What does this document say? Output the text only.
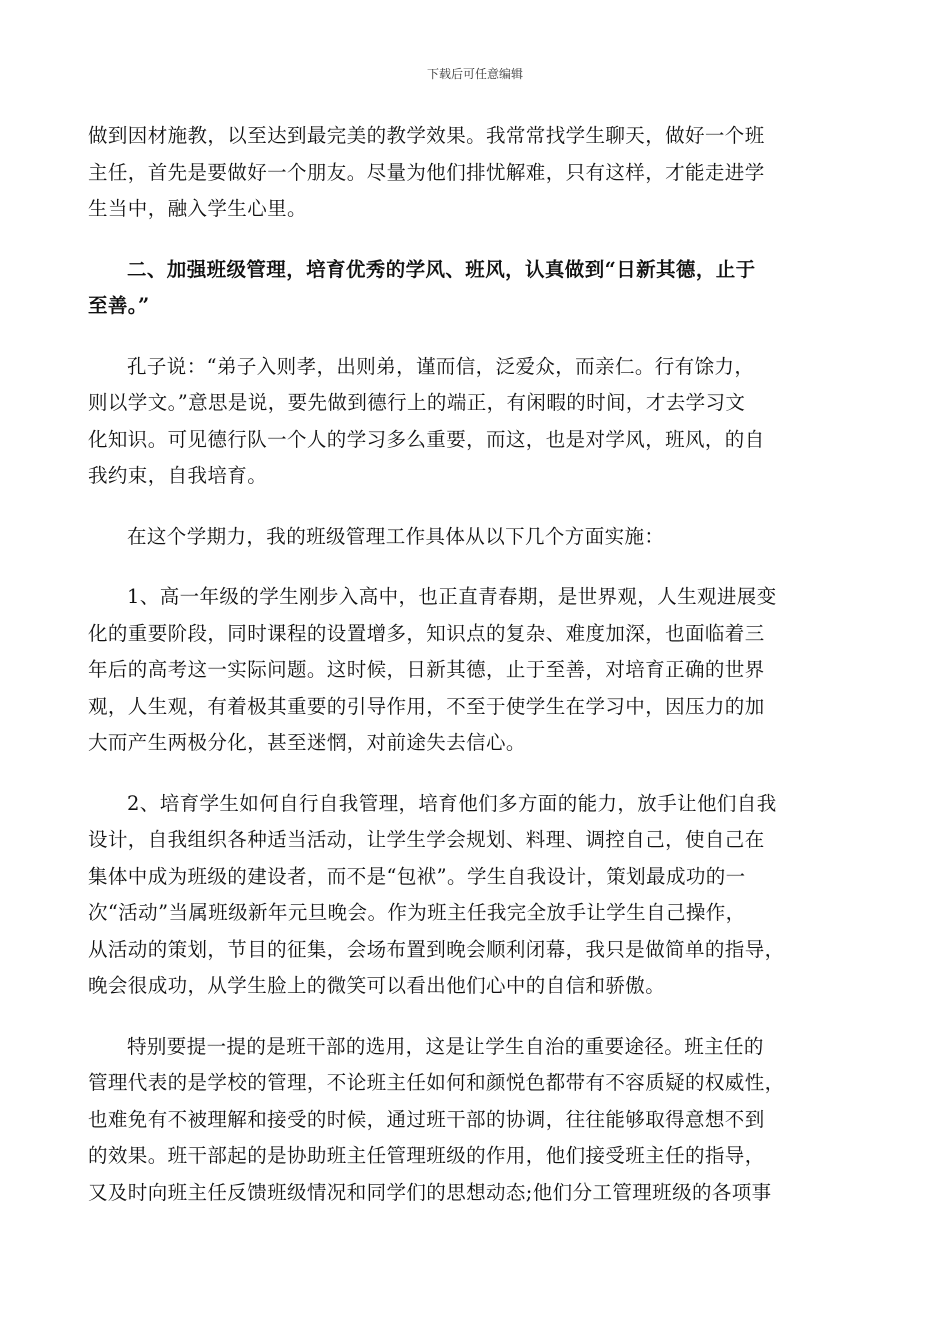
下载后可任意编辑

做到因材施教，以至达到最完美的教学效果。我常常找学生聊天，做好一个班
主任，首先是要做好一个朋友。尽量为他们排忧解难，只有这样，才能走进学
生当中，融入学生心里。

二、加强班级管理，培育优秀的学风、班风，认真做到“日新其德，止于
至善。”

孔子说：“弟子入则孝，出则弟，谨而信，泛爱众，而亲仁。行有馀力，
则以学文。”意思是说，要先做到德行上的端正，有闲暇的时间，才去学习文
化知识。可见德行队一个人的学习多么重要，而这，也是对学风，班风，的自
我约束，自我培育。

在这个学期力，我的班级管理工作具体从以下几个方面实施：

1、高一年级的学生刚步入高中，也正直青春期，是世界观，人生观进展变
化的重要阶段，同时课程的设置增多，知识点的复杂、难度加深，也面临着三
年后的高考这一实际问题。这时候，日新其德，止于至善，对培育正确的世界
观，人生观，有着极其重要的引导作用，不至于使学生在学习中，因压力的加
大而产生两极分化，甚至迷惘，对前途失去信心。

2、培育学生如何自行自我管理，培育他们多方面的能力，放手让他们自我
设计，自我组织各种适当活动，让学生学会规划、料理、调控自己，使自己在
集体中成为班级的建设者，而不是“包袱”。学生自我设计，策划最成功的一
次“活动”当属班级新年元旦晚会。作为班主任我完全放手让学生自己操作，
从活动的策划，节目的征集，会场布置到晚会顺利闭幕，我只是做简单的指导，
晚会很成功，从学生脸上的微笑可以看出他们心中的自信和骄傲。

特别要提一提的是班干部的选用，这是让学生自治的重要途径。班主任的
管理代表的是学校的管理，不论班主任如何和颜悦色都带有不容质疑的权威性，
也难免有不被理解和接受的时候，通过班干部的协调，往往能够取得意想不到
的效果。班干部起的是协助班主任管理班级的作用，他们接受班主任的指导，
又及时向班主任反馈班级情况和同学们的思想动态;他们分工管理班级的各项事
